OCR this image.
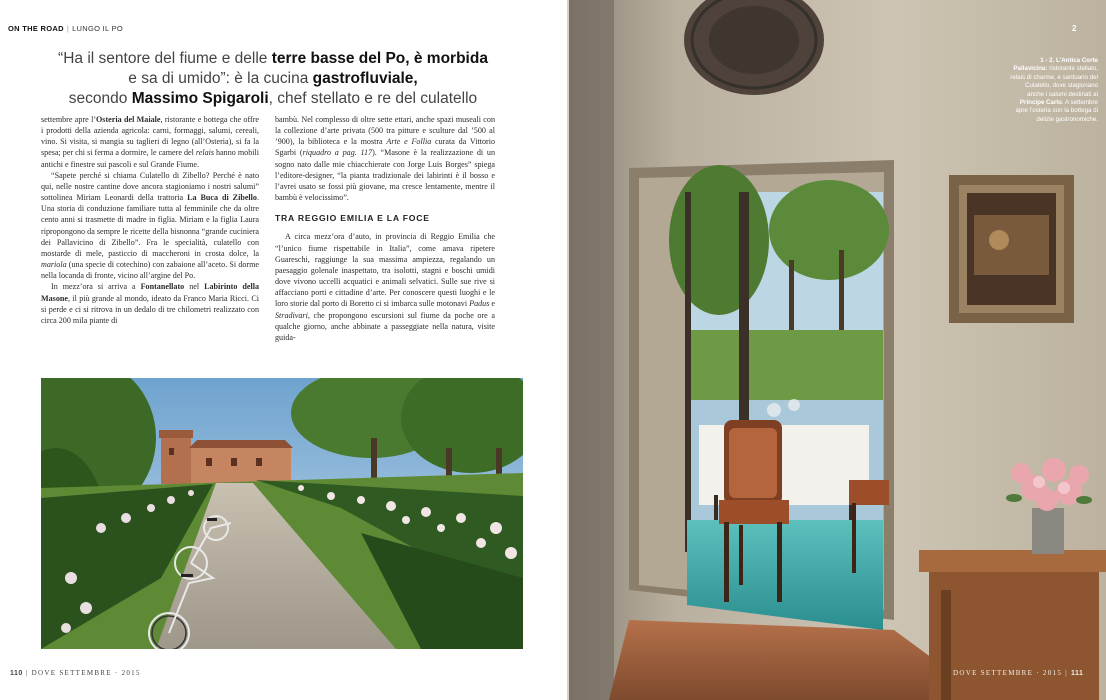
ON THE ROAD | LUNGO IL PO
“Ha il sentore del fiume e delle terre basse del Po, è morbida
e sa di umido”: è la cucina gastrofluviale,
secondo Massimo Spigaroli, chef stellato e re del culatello

settembre apre l’Osteria del Maiale, ristorante e bottega che offre i prodotti della azienda agricola: carni, formaggi, salumi, cereali, vino. Si visita, si mangia su taglieri di legno (all’Osteria), si fa la spesa; per chi si ferma a dormire, le camere del relais hanno mobili antichi e finestre sui pascoli e sul Grande Fiume.

“Sapete perché si chiama Culatello di Zibello? Perché è nato qui, nelle nostre cantine dove ancora stagioniamo i nostri salumi” sottolinea Miriam Leonardi della trattoria La Buca di Zibello. Una storia di conduzione familiare tutta al femminile che da oltre cento anni si trasmette di madre in figlia. Miriam e la figlia Laura ripropongono da sempre le ricette della bisnonna “grande cuciniera dei Pallavicino di Zibello”. Fra le specialità, culatello con mostarde di mele, pasticcio di maccheroni in crosta dolce, la mariola (una specie di cotechino) con zabaione all’aceto. Si dorme nella locanda di fronte, vicino all’argine del Po.

In mezz’ora si arriva a Fontanellato nel Labirinto della Masone, il più grande al mondo, ideato da Franco Maria Ricci. Ci si perde e ci si ritrova in un dedalo di tre chilometri realizzato con circa 200 mila piante di

bambù. Nel complesso di oltre sette ettari, anche spazi museali con la collezione d’arte privata (500 tra pitture e sculture dal ’500 al ’900), la biblioteca e la mostra Arte e Follia curata da Vittorio Sgarbi (riquadro a pag. 117). “Masone è la realizzazione di un sogno nato dalle mie chiacchierate con Jorge Luis Borges” spiega l’editore-designer, “la pianta tradizionale dei labirinti è il bosso e l’avrei usato se fossi più giovane, ma cresce lentamente, mentre il bambù è velocissimo”.

TRA REGGIO EMILIA E LA FOCE

A circa mezz’ora d’auto, in provincia di Reggio Emilia che “l’unico fiume rispettabile in Italia”, come amava ripetere Guareschi, raggiunge la sua massima ampiezza, regalando un paesaggio golenale inaspettato, tra isolotti, stagni e boschi umidi dove vivono uccelli acquatici e animali selvatici. Sulle sue rive si affacciano porti e cittadine d’arte. Per conoscere questi luoghi e le loro storie dal porto di Boretto ci si imbarca sulle motonavi Padus e Stradivari, che propongono escursioni sul fiume da poche ore a qualche giorno, anche abbinate a passeggiate nella natura, visite guida-

110 | DOVE SETTEMBRE · 2015
2
1 - 2. L’Antica Corte Pallavicina: ristorante stellato, relais di charme, e santuario del Culatello, dove stagionano anche i salumi destinati al Principe Carlo. A settembre apre l’osteria con la bottega di delizie gastronomiche.
DOVE SETTEMBRE · 2015 | 111
